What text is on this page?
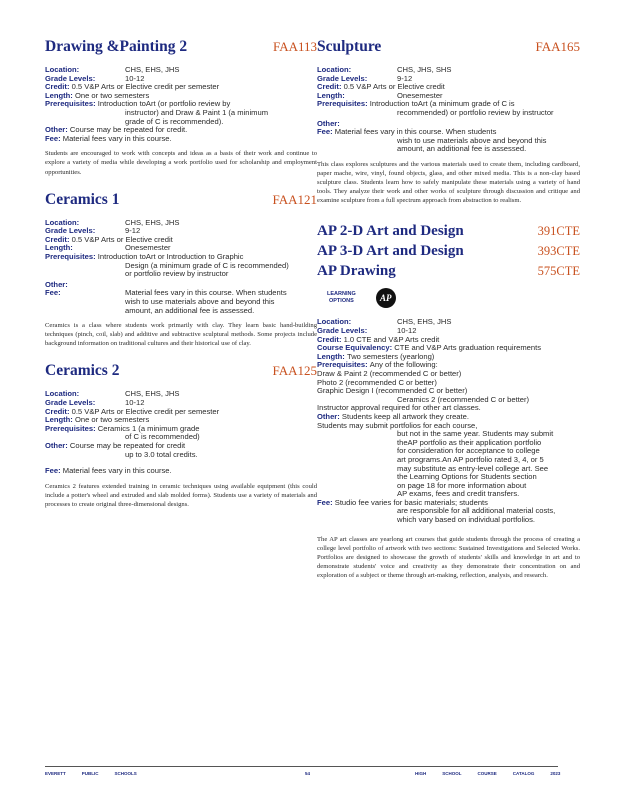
Drawing &Painting 2	FAA113
Location:	CHS, EHS, JHS
Grade Levels:	10-12
Credit:
0.5 V&P Arts or Elective credit per semester
Length:
One or two semesters
Prerequisites:
Introduction toArt (or portfolio review by
instructor) and Draw & Paint 1 (a minimum
grade of C is recommended).
Other:
Course may be repeated for credit.
Fee:
Material fees vary in this course.

Students are encouraged to work with concepts and ideas as a basis of their work and continue to explore a variety of media while developing a work portfolio used for scholarship and employment opportunities.

Ceramics 1	FAA121
Location:	CHS, EHS, JHS
Grade Levels:	9-12
Credit:
0.5 V&P Arts or Elective credit
Length:	Onesemester
Prerequisites:
Introduction toArt or Introduction to Graphic
Design (a minimum grade of C is recommended)
or portfolio review by instructor
Other:
Fee:	Material fees vary in this course. When students
wish to use materials above and beyond this
amount, an additional fee is assessed.

Ceramics is a class where students work primarily with clay. They learn basic hand-building techniques (pinch, coil, slab) and additive and subtractive sculptural methods. Some projects include background information on traditional cultures and their historical use of clay.

Ceramics 2	FAA125
Location:	CHS, EHS, JHS
Grade Levels:	10-12
Credit:
0.5 V&P Arts or Elective credit per semester
Length:
One or two semesters
Prerequisites:
Ceramics 1 (a minimum grade
of C is recommended)
Other:
Course may be repeated for credit
up to 3.0 total credits.
Fee:
Material fees vary in this course.

Ceramics 2 features extended training in ceramic techniques using available equipment (this could include a potter's wheel and extruded and slab molded forms). Students use a variety of materials and processes to create original three-dimensional designs.

Sculpture	FAA165
Location:	CHS, JHS, SHS
Grade Levels:	9-12
Credit:
0.5 V&P Arts or Elective credit
Length:	Onesemester
Prerequisites:
Introduction toArt (a minimum grade of C is
recommended) or portfolio review by instructor
Other:
Fee:
Material fees vary in this course. When students
wish to use materials above and beyond this
amount, an additional fee is assessed.

This class explores sculptures and the various materials used to create them, including cardboard, paper mache, wire, vinyl, found objects, glass, and other mixed media. This is a non-clay based sculpture class. Students learn how to safely manipulate these materials using a variety of hand tools. They analyze their work and other works of sculpture through discussion and critique and examine sculpture from a full spectrum approach from abstraction to realism.

AP 2-D Art and Design	391CTE
AP 3-D Art and Design	393CTE
AP Drawing	575CTE
LEARNING
OPTIONS	AP
Location:	CHS, EHS, JHS
Grade Levels:	10-12
Credit:
1.0 CTE and V&P Arts credit
Course Equivalency:
CTE and V&P Arts graduation requirements
Length:
Two semesters (yearlong)
Prerequisites:
Any of the following:
Draw & Paint 2 (recommended C or better)
Photo 2 (recommended C or better)
Graphic Design I (recommended C or better)
Ceramics 2 (recommended C or better)
Instructor approval required for other art classes.
Other:
Students keep all artwork they create.
Students may submit portfolios for each course,
but not in the same year. Students may submit
theAP portfolio as their application portfolio
for consideration for acceptance to college
art programs.An AP portfolio rated 3, 4, or 5
may substitute as entry-level college art. See
the Learning Options for Students section
on page 18 for more information about
AP exams, fees and credit transfers.
Fee:
Studio fee varies for basic materials; students
are responsible for all additional material costs,
which vary based on individual portfolios.

The AP art classes are yearlong art courses that guide students through the process of creating a college level portfolio of artwork with two sections: Sustained Investigations and Selected Works. Portfolios are designed to showcase the growth of students' skills and knowledge in art and to demonstrate students' voice and creativity as they demonstrate their concentration on and exploration of a subject or theme through art-making, reflection, analysis, and research.

EVERETT	PUBLIC	SCHOOLS	54	HIGH	SCHOOL	COURSE	CATALOG	2023
